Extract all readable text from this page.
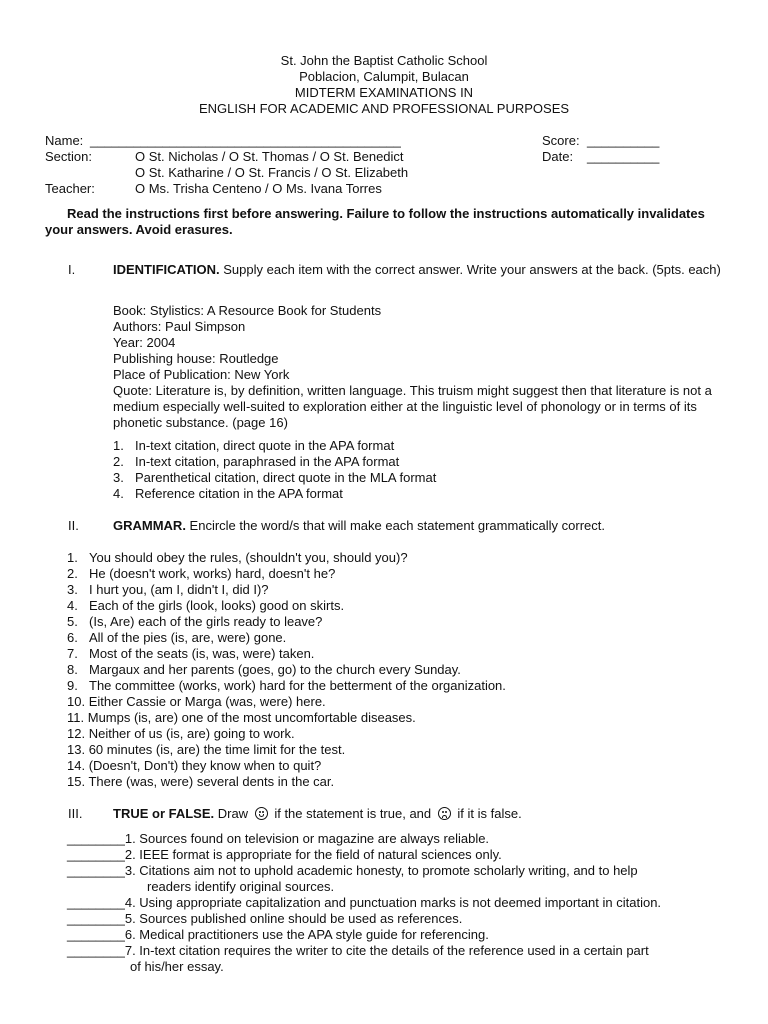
St. John the Baptist Catholic School
Poblacion, Calumpit, Bulacan
MIDTERM EXAMINATIONS IN
ENGLISH FOR ACADEMIC AND PROFESSIONAL PURPOSES
Name: ___________________________________________	Score: __________
Section:	O St. Nicholas / O St. Thomas / O St. Benedict	Date: __________
O St. Katharine / O St. Francis / O St. Elizabeth
Teacher:	O Ms. Trisha Centeno / O Ms. Ivana Torres
Read the instructions first before answering. Failure to follow the instructions automatically invalidates your answers. Avoid erasures.
I.	IDENTIFICATION. Supply each item with the correct answer. Write your answers at the back. (5pts. each)
Book: Stylistics: A Resource Book for Students
Authors: Paul Simpson
Year: 2004
Publishing house: Routledge
Place of Publication: New York
Quote: Literature is, by definition, written language. This truism might suggest then that literature is not a medium especially well-suited to exploration either at the linguistic level of phonology or in terms of its phonetic substance. (page 16)
1. In-text citation, direct quote in the APA format
2. In-text citation, paraphrased in the APA format
3. Parenthetical citation, direct quote in the MLA format
4. Reference citation in the APA format
II.	GRAMMAR. Encircle the word/s that will make each statement grammatically correct.
1. You should obey the rules, (shouldn't you, should you)?
2. He (doesn't work, works) hard, doesn't he?
3. I hurt you, (am I, didn't I, did I)?
4. Each of the girls (look, looks) good on skirts.
5. (Is, Are) each of the girls ready to leave?
6. All of the pies (is, are, were) gone.
7. Most of the seats (is, was, were) taken.
8. Margaux and her parents (goes, go) to the church every Sunday.
9. The committee (works, work) hard for the betterment of the organization.
10. Either Cassie or Marga (was, were) here.
11. Mumps (is, are) one of the most uncomfortable diseases.
12. Neither of us (is, are) going to work.
13. 60 minutes (is, are) the time limit for the test.
14. (Doesn't, Don't) they know when to quit?
15. There (was, were) several dents in the car.
III. TRUE or FALSE. Draw if the statement is true, and if it is false.
________1. Sources found on television or magazine are always reliable.
________2. IEEE format is appropriate for the field of natural sciences only.
________3. Citations aim not to uphold academic honesty, to promote scholarly writing, and to help
readers identify original sources.
________4. Using appropriate capitalization and punctuation marks is not deemed important in citation.
________5. Sources published online should be used as references.
________6. Medical practitioners use the APA style guide for referencing.
________7. In-text citation requires the writer to cite the details of the reference used in a certain part
of his/her essay.
